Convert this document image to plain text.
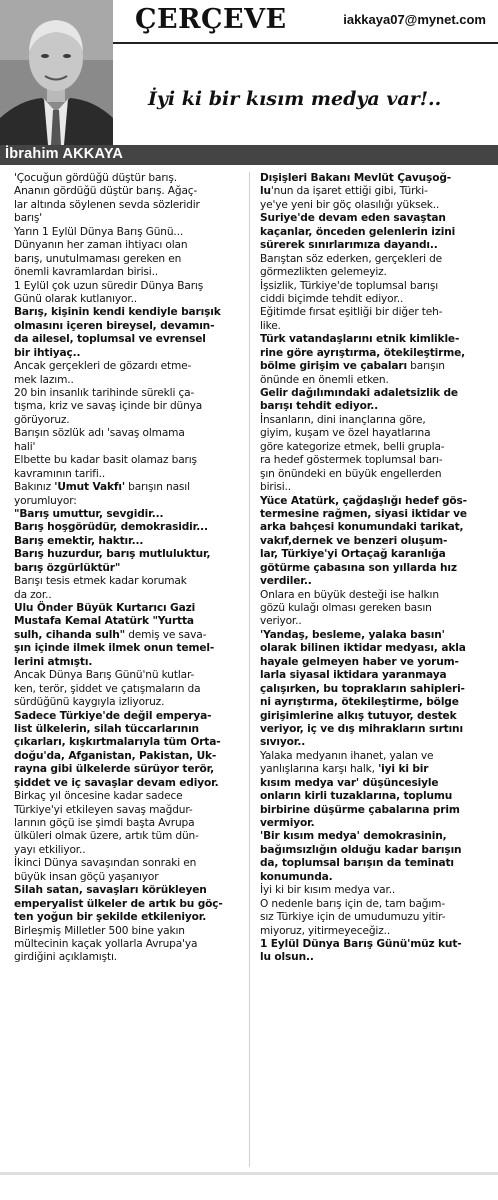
ÇERÇEVE	iakkaya07@mynet.com
İyi ki bir kısım medya var!..
İbrahim AKKAYA
'Çocuğun gördüğü düştür barış.
Ananın gördüğü düştür barış. Ağaç-
lar altında söylenen sevda sözleridir
barış'
Yarın 1 Eylül Dünya Barış Günü...
Dünyanın her zaman ihtiyacı olan
barış, unutulmaması gereken en
önemli kavramlardan birisi..
1 Eylül çok uzun süredir Dünya Barış
Günü olarak kutlanıyor..
Barış, kişinin kendi kendiyle barışık
olmasını içeren bireysel, devamın-
da ailesel, toplumsal ve evrensel
bir ihtiyaç..
Ancak gerçekleri de gözardı etme-
mek lazım..
20 bin insanlık tarihinde sürekli ça-
tışma, kriz ve savaş içinde bir dünya
görüyoruz.
Barışın sözlük adı 'savaş olmama
hali'
Elbette bu kadar basit olamaz barış
kavramının tarifi..
Bakınız 'Umut Vakfı' barışın nasıl
yorumluyor:
"Barış umuttur, sevgidir...
Barış hoşgörüdür, demokrasidir...
Barış emektir, haktır...
Barış huzurdur, barış mutluluktur,
barış özgürlüktür"
Barışı tesis etmek kadar korumak
da zor..
Ulu Önder Büyük Kurtarıcı Gazi
Mustafa Kemal Atatürk "Yurtta
sulh, cihanda sulh" demiş ve sava-
şın içinde ilmek ilmek onun temel-
lerini atmıştı.
Ancak Dünya Barış Günü'nü kutlar-
ken, terör, şiddet ve çatışmaların da
sürdüğünü kaygıyla izliyoruz.
Sadece Türkiye'de değil emperya-
list ülkelerin, silah tüccarlarının
çıkarları, kışkırtmalarıyla tüm Orta-
doğu'da, Afganistan, Pakistan, Uk-
rayna gibi ülkelerde sürüyor terör,
şiddet ve iç savaşlar devam ediyor.
Birkaç yıl öncesine kadar sadece
Türkiye'yi etkileyen savaş mağdur-
larının göçü ise şimdi başta Avrupa
ülküleri olmak üzere, artık tüm dün-
yayı etkiliyor..
İkinci Dünya savaşından sonraki en
büyük insan göçü yaşanıyor
Silah satan, savaşları körükleyen
emperyalist ülkeler de artık bu göç-
ten yoğun bir şekilde etkileniyor.
Birleşmiş Milletler 500 bine yakın
mültecinin kaçak yollarla Avrupa'ya
girdiğini açıklamıştı.
Dışişleri Bakanı Mevlüt Çavuşoğ-
lu'nun da işaret ettiği gibi, Türki-
ye'ye yeni bir göç olasılığı yüksek..
Suriye'de devam eden savaştan
kaçanlar, önceden gelenlerin izini
sürerek sınırlarımıza dayandı..
Barıştan söz ederken, gerçekleri de
görmezlikten gelemeyiz.
İşsizlik, Türkiye'de toplumsal barışı
ciddi biçimde tehdit ediyor..
Eğitimde fırsat eşitliği bir diğer teh-
like.
Türk vatandaşlarını etnik kimlikle-
rine göre ayrıştırma, ötekileştirme,
bölme girişim ve çabaları barışın
önünde en önemli etken.
Gelir dağılımındaki adaletsizlik de
barışı tehdit ediyor..
İnsanların, dini inançlarına göre,
giyim, kuşam ve özel hayatlarına
göre kategorize etmek, belli grupla-
ra hedef göstermek toplumsal barı-
şın önündeki en büyük engellerden
birisi..
Yüce Atatürk, çağdaşlığı hedef gös-
termesine rağmen, siyasi iktidar ve
arka bahçesi konumundaki tarikat,
vakıf,dernek ve benzeri oluşum-
lar, Türkiye'yi Ortaçağ karanlığa
götürme çabasına son yıllarda hız
verdiler..
Onlara en büyük desteği ise halkın
gözü kulağı olması gereken basın
veriyor..
'Yandaş, besleme, yalaka basın'
olarak bilinen iktidar medyası, akla
hayale gelmeyen haber ve yorum-
larla siyasal iktidara yaranmaya
çalışırken, bu toprakların sahipleri-
ni ayrıştırma, ötekileştirme, bölge
girişimlerine alkış tutuyor, destek
veriyor, iç ve dış mihrakların sırtını
sıvıyor..
Yalaka medyanın ihanet, yalan ve
yanlışlarına karşı halk, 'iyi ki bir
kısım medya var' düşüncesiyle
onların kirli tuzaklarına, toplumu
birbirine düşürme çabalarına prim
vermiyor.
'Bir kısım medya' demokrasinin,
bağımsızlığın olduğu kadar barışın
da, toplumsal barışın da teminatı
konumunda.
İyi ki bir kısım medya var..
O nedenle barış için de, tam bağım-
sız Türkiye için de umudumuzu yitir-
miyoruz, yitirmeyeceğiz..
1 Eylül Dünya Barış Günü'müz kut-
lu olsun..
